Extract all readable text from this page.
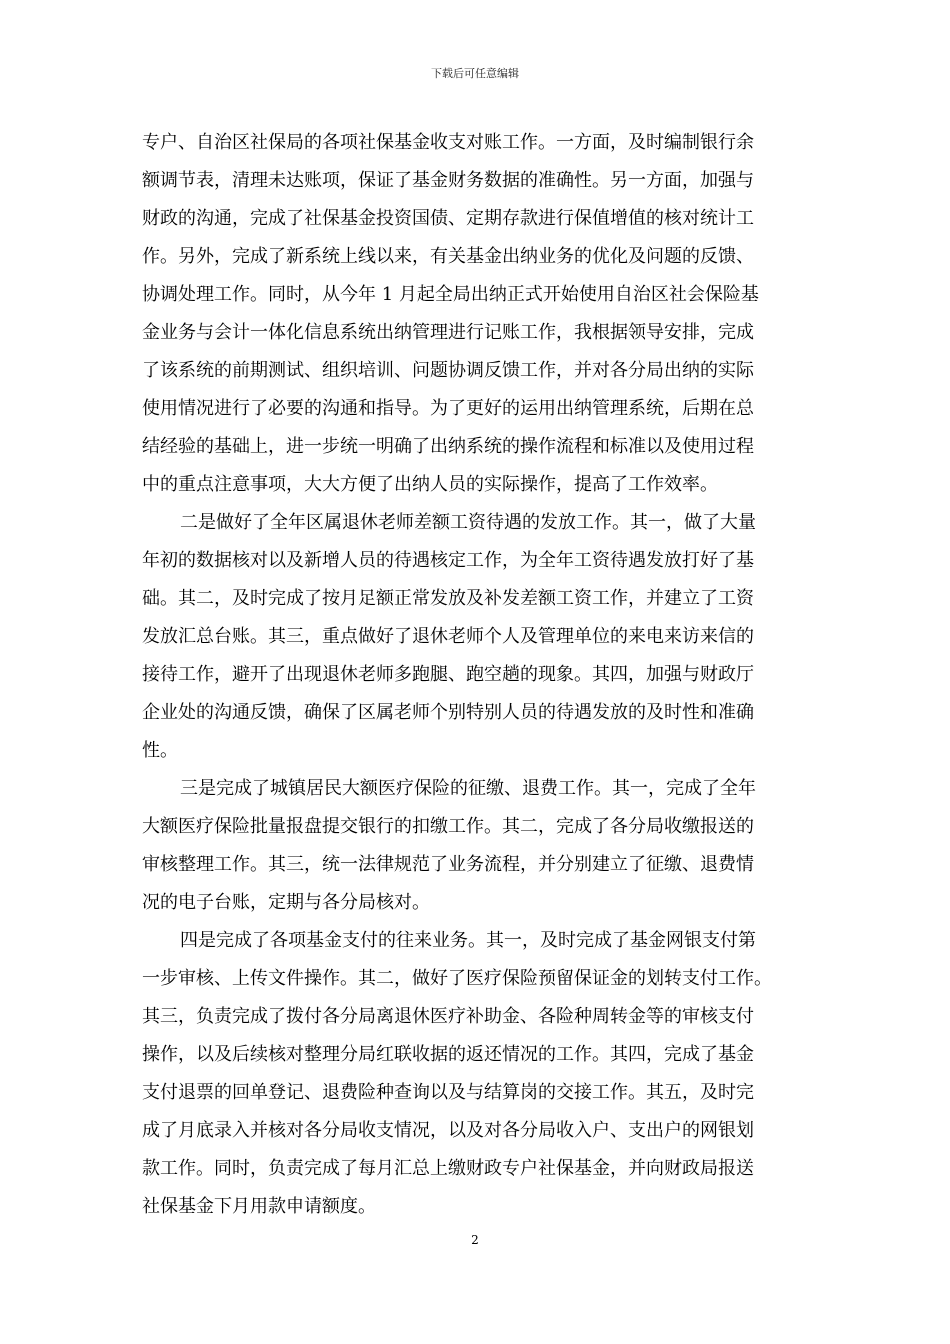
下载后可任意编辑

专户、自治区社保局的各项社保基金收支对账工作。一方面，及时编制银行余
额调节表，清理未达账项，保证了基金财务数据的准确性。另一方面，加强与
财政的沟通，完成了社保基金投资国债、定期存款进行保值增值的核对统计工
作。另外，完成了新系统上线以来，有关基金出纳业务的优化及问题的反馈、
协调处理工作。同时，从今年 1 月起全局出纳正式开始使用自治区社会保险基
金业务与会计一体化信息系统出纳管理进行记账工作，我根据领导安排，完成
了该系统的前期测试、组织培训、问题协调反馈工作，并对各分局出纳的实际
使用情况进行了必要的沟通和指导。为了更好的运用出纳管理系统，后期在总
结经验的基础上，进一步统一明确了出纳系统的操作流程和标准以及使用过程
中的重点注意事项，大大方便了出纳人员的实际操作，提高了工作效率。

二是做好了全年区属退休老师差额工资待遇的发放工作。其一，做了大量
年初的数据核对以及新增人员的待遇核定工作，为全年工资待遇发放打好了基
础。其二，及时完成了按月足额正常发放及补发差额工资工作，并建立了工资
发放汇总台账。其三，重点做好了退休老师个人及管理单位的来电来访来信的
接待工作，避开了出现退休老师多跑腿、跑空趟的现象。其四，加强与财政厅
企业处的沟通反馈，确保了区属老师个别特别人员的待遇发放的及时性和准确
性。

三是完成了城镇居民大额医疗保险的征缴、退费工作。其一，完成了全年
大额医疗保险批量报盘提交银行的扣缴工作。其二，完成了各分局收缴报送的
审核整理工作。其三，统一法律规范了业务流程，并分别建立了征缴、退费情
况的电子台账，定期与各分局核对。

四是完成了各项基金支付的往来业务。其一，及时完成了基金网银支付第
一步审核、上传文件操作。其二，做好了医疗保险预留保证金的划转支付工作。
其三，负责完成了拨付各分局离退休医疗补助金、各险种周转金等的审核支付
操作，以及后续核对整理分局红联收据的返还情况的工作。其四，完成了基金
支付退票的回单登记、退费险种查询以及与结算岗的交接工作。其五，及时完
成了月底录入并核对各分局收支情况，以及对各分局收入户、支出户的网银划
款工作。同时，负责完成了每月汇总上缴财政专户社保基金，并向财政局报送
社保基金下月用款申请额度。

2
